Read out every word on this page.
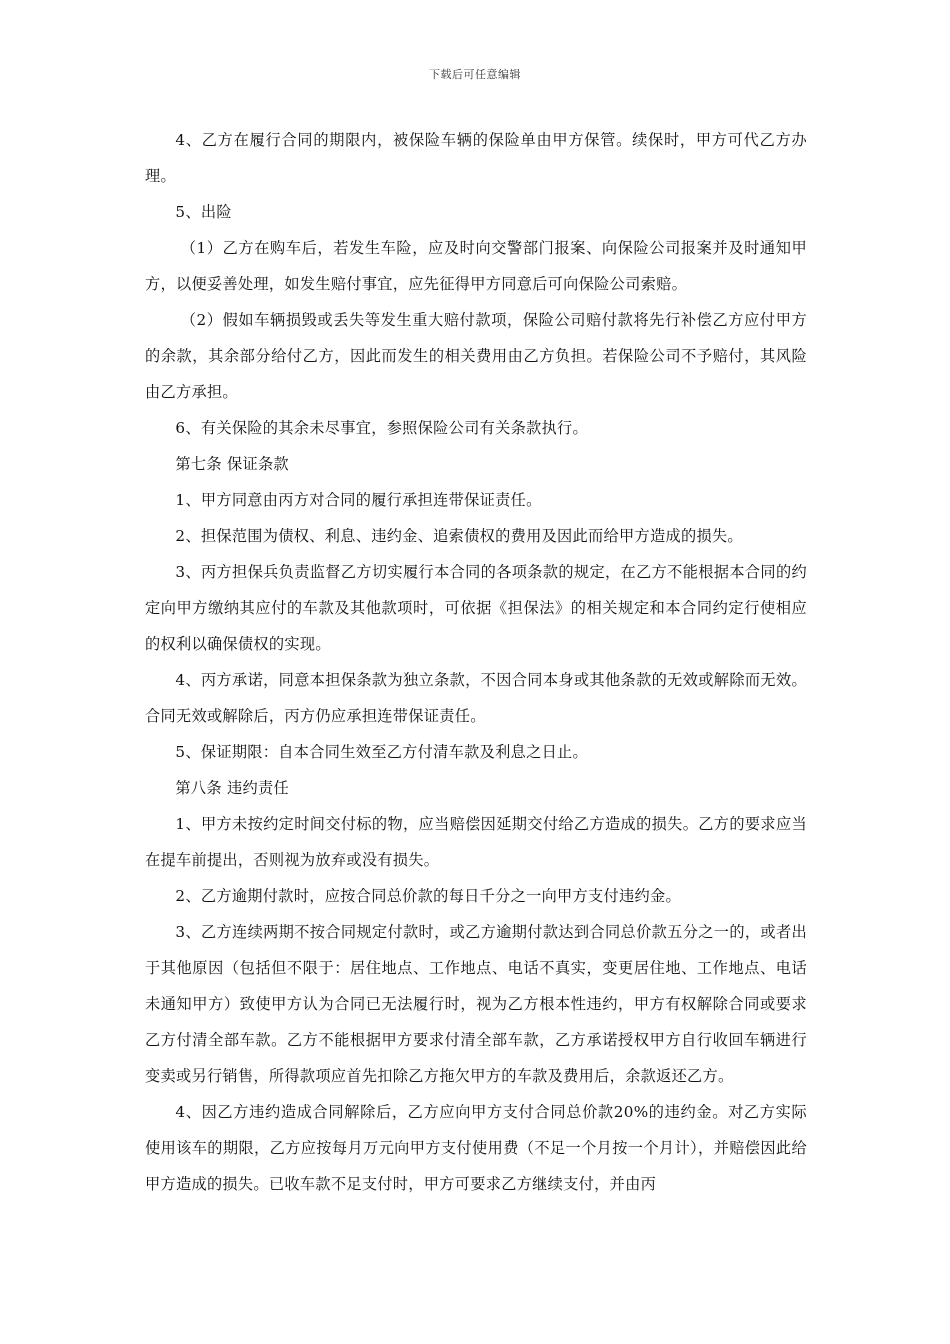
下载后可任意编辑

4、乙方在履行合同的期限内，被保险车辆的保险单由甲方保管。续保时，甲方可代乙方办理。

5、出险

（1）乙方在购车后，若发生车险，应及时向交警部门报案、向保险公司报案并及时通知甲方，以便妥善处理，如发生赔付事宜，应先征得甲方同意后可向保险公司索赔。

（2）假如车辆损毁或丢失等发生重大赔付款项，保险公司赔付款将先行补偿乙方应付甲方的余款，其余部分给付乙方，因此而发生的相关费用由乙方负担。若保险公司不予赔付，其风险由乙方承担。

6、有关保险的其余未尽事宜，参照保险公司有关条款执行。

第七条 保证条款

1、甲方同意由丙方对合同的履行承担连带保证责任。

2、担保范围为债权、利息、违约金、追索债权的费用及因此而给甲方造成的损失。

3、丙方担保兵负责监督乙方切实履行本合同的各项条款的规定，在乙方不能根据本合同的约定向甲方缴纳其应付的车款及其他款项时，可依据《担保法》的相关规定和本合同约定行使相应的权利以确保债权的实现。

4、丙方承诺，同意本担保条款为独立条款，不因合同本身或其他条款的无效或解除而无效。合同无效或解除后，丙方仍应承担连带保证责任。

5、保证期限：自本合同生效至乙方付清车款及利息之日止。

第八条 违约责任

1、甲方未按约定时间交付标的物，应当赔偿因延期交付给乙方造成的损失。乙方的要求应当在提车前提出，否则视为放弃或没有损失。

2、乙方逾期付款时，应按合同总价款的每日千分之一向甲方支付违约金。

3、乙方连续两期不按合同规定付款时，或乙方逾期付款达到合同总价款五分之一的，或者出于其他原因（包括但不限于：居住地点、工作地点、电话不真实，变更居住地、工作地点、电话未通知甲方）致使甲方认为合同已无法履行时，视为乙方根本性违约，甲方有权解除合同或要求乙方付清全部车款。乙方不能根据甲方要求付清全部车款，乙方承诺授权甲方自行收回车辆进行变卖或另行销售，所得款项应首先扣除乙方拖欠甲方的车款及费用后，余款返还乙方。

4、因乙方违约造成合同解除后，乙方应向甲方支付合同总价款20%的违约金。对乙方实际使用该车的期限，乙方应按每月万元向甲方支付使用费（不足一个月按一个月计），并赔偿因此给甲方造成的损失。已收车款不足支付时，甲方可要求乙方继续支付，并由丙
